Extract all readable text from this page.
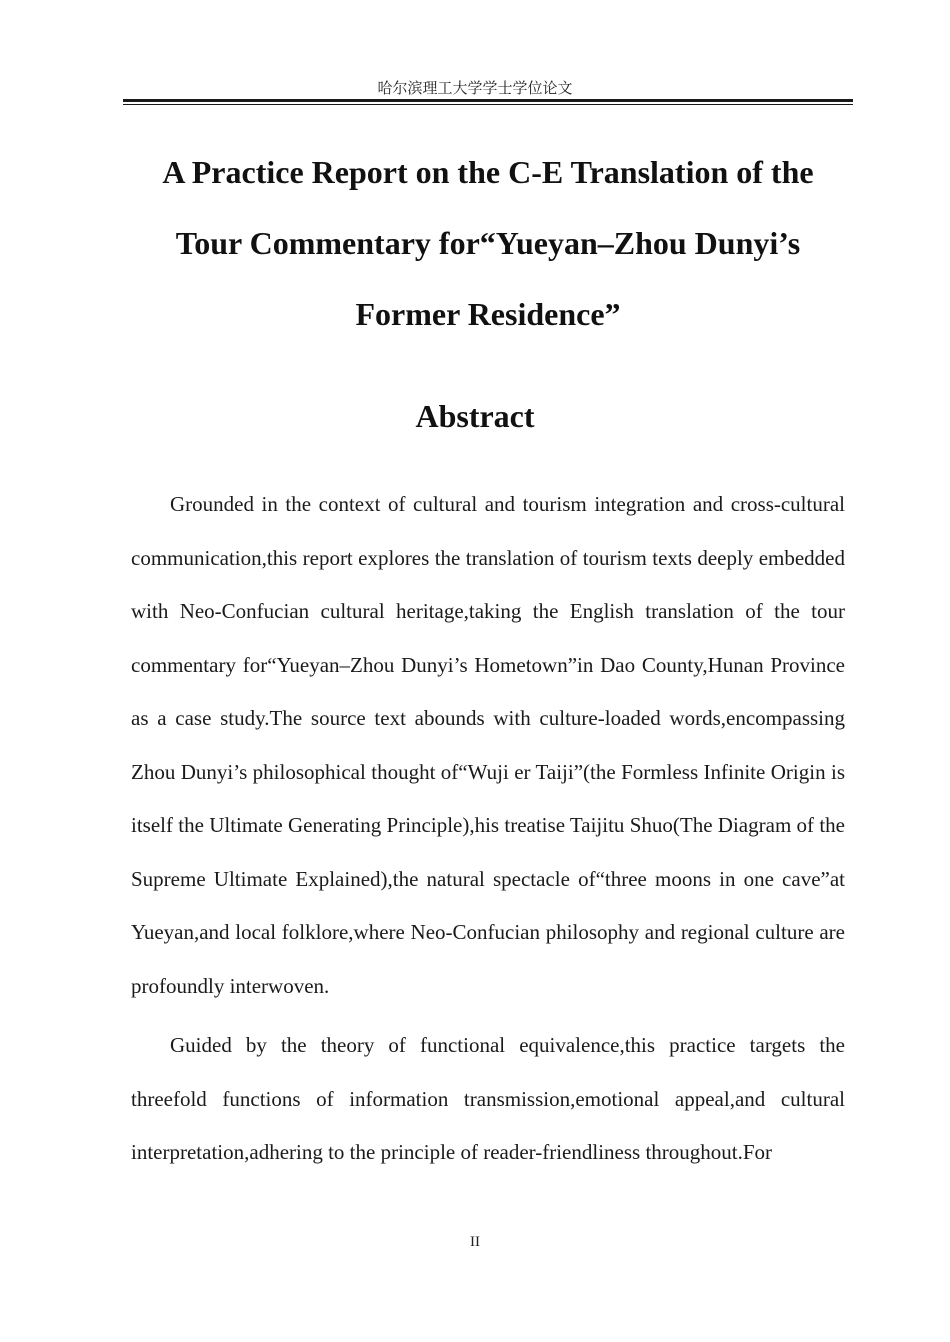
哈尔滨理工大学学士学位论文
A Practice Report on the C-E Translation of the
Tour Commentary for“Yueyan–Zhou Dunyi’s
Former Residence”
Abstract

Grounded in the context of cultural and tourism integration and cross-cultural communication,this report explores the translation of tourism texts deeply embedded with Neo-Confucian cultural heritage,taking the English translation of the tour commentary for“Yueyan–Zhou Dunyi’s Hometown”in Dao County,Hunan Province as a case study.The source text abounds with culture-loaded words,encompassing Zhou Dunyi’s philosophical thought of“Wuji er Taiji”(the Formless Infinite Origin is itself the Ultimate Generating Principle),his treatise Taijitu Shuo(The Diagram of the Supreme Ultimate Explained),the natural spectacle of“three moons in one cave”at Yueyan,and local folklore,where Neo-Confucian philosophy and regional culture are profoundly interwoven.

Guided by the theory of functional equivalence,this practice targets the threefold functions of information transmission,emotional appeal,and cultural interpretation,adhering to the principle of reader-friendliness throughout.For

II
